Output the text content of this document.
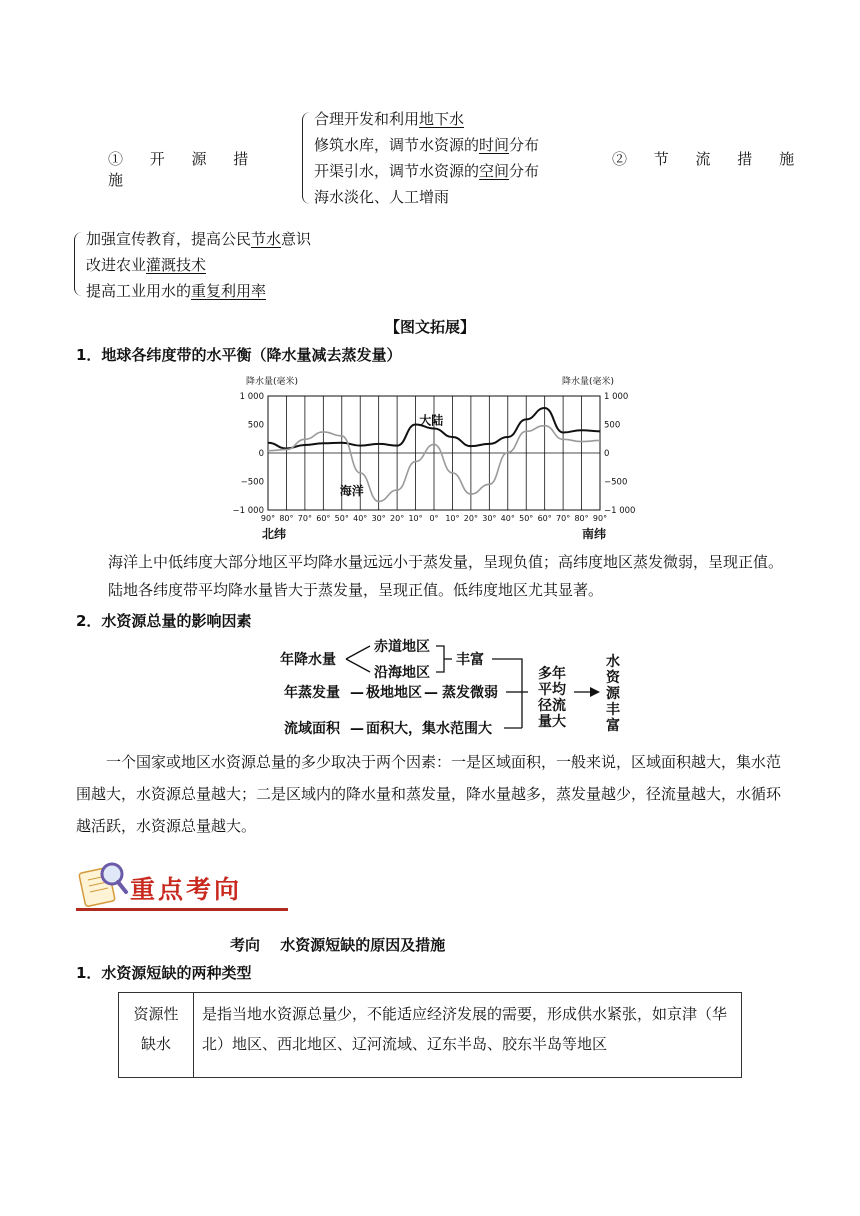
① 开 源 措 施
合理开发和利用地下水
修筑水库，调节水资源的时间分布
开渠引水，调节水资源的空间分布
海水淡化、人工增雨
② 节 流 措 施
加强宣传教育，提高公民节水意识
改进农业灌溉技术
提高工业用水的重复利用率
【图文拓展】
1．地球各纬度带的水平衡（降水量减去蒸发量）
1 000	1 000
500	500
0	0
−500	−500
−1 000	−1 000
降水量(毫米)	降水量(毫米)
90° 80° 70° 60° 50° 40° 30° 20° 10° 0° 10° 20° 30° 40° 50° 60° 70° 80° 90°
北纬	南纬
大陆
海洋
海洋上中低纬度大部分地区平均降水量远远小于蒸发量，呈现负值；高纬度地区蒸发微弱，呈现正值。
陆地各纬度带平均降水量皆大于蒸发量，呈现正值。低纬度地区尤其显著。
2．水资源总量的影响因素
年降水量
赤道地区
沿海地区
丰富
年蒸发量 — 极地地区 — 蒸发微弱
流域面积 — 面积大，集水范围大
多年
平均
径流
量大
水
资
源
丰
富
一个国家或地区水资源总量的多少取决于两个因素：一是区域面积，一般来说，区域面积越大，集水范围越大，水资源总量越大；二是区域内的降水量和蒸发量，降水量越多，蒸发量越少，径流量越大，水循环越活跃，水资源总量越大。
重点考向
考向　 水资源短缺的原因及措施
1．水资源短缺的两种类型
资源性缺水	是指当地水资源总量少，不能适应经济发展的需要，形成供水紧张，如京津（华北）地区、西北地区、辽河流域、辽东半岛、胶东半岛等地区
